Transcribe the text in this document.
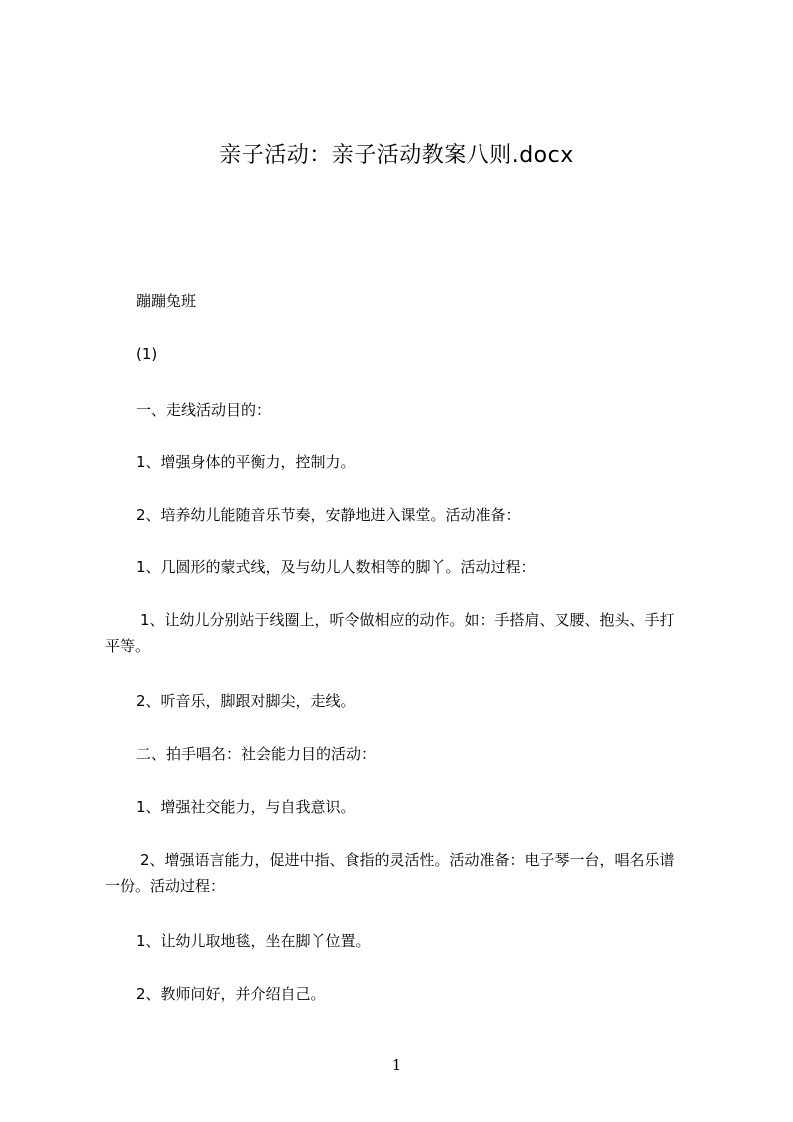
亲子活动：亲子活动教案八则.docx
蹦蹦兔班
(1)
一、走线活动目的：
1、增强身体的平衡力，控制力。
2、培养幼儿能随音乐节奏，安静地进入课堂。活动准备：
1、几圆形的蒙式线，及与幼儿人数相等的脚丫。活动过程：
1、让幼儿分别站于线圈上，听令做相应的动作。如：手搭肩、叉腰、抱头、手打
平等。
2、听音乐，脚跟对脚尖，走线。
二、拍手唱名：社会能力目的活动：
1、增强社交能力，与自我意识。
2、增强语言能力，促进中指、食指的灵活性。活动准备：电子琴一台，唱名乐谱
一份。活动过程：
1、让幼儿取地毯，坐在脚丫位置。
2、教师问好，并介绍自己。
1
